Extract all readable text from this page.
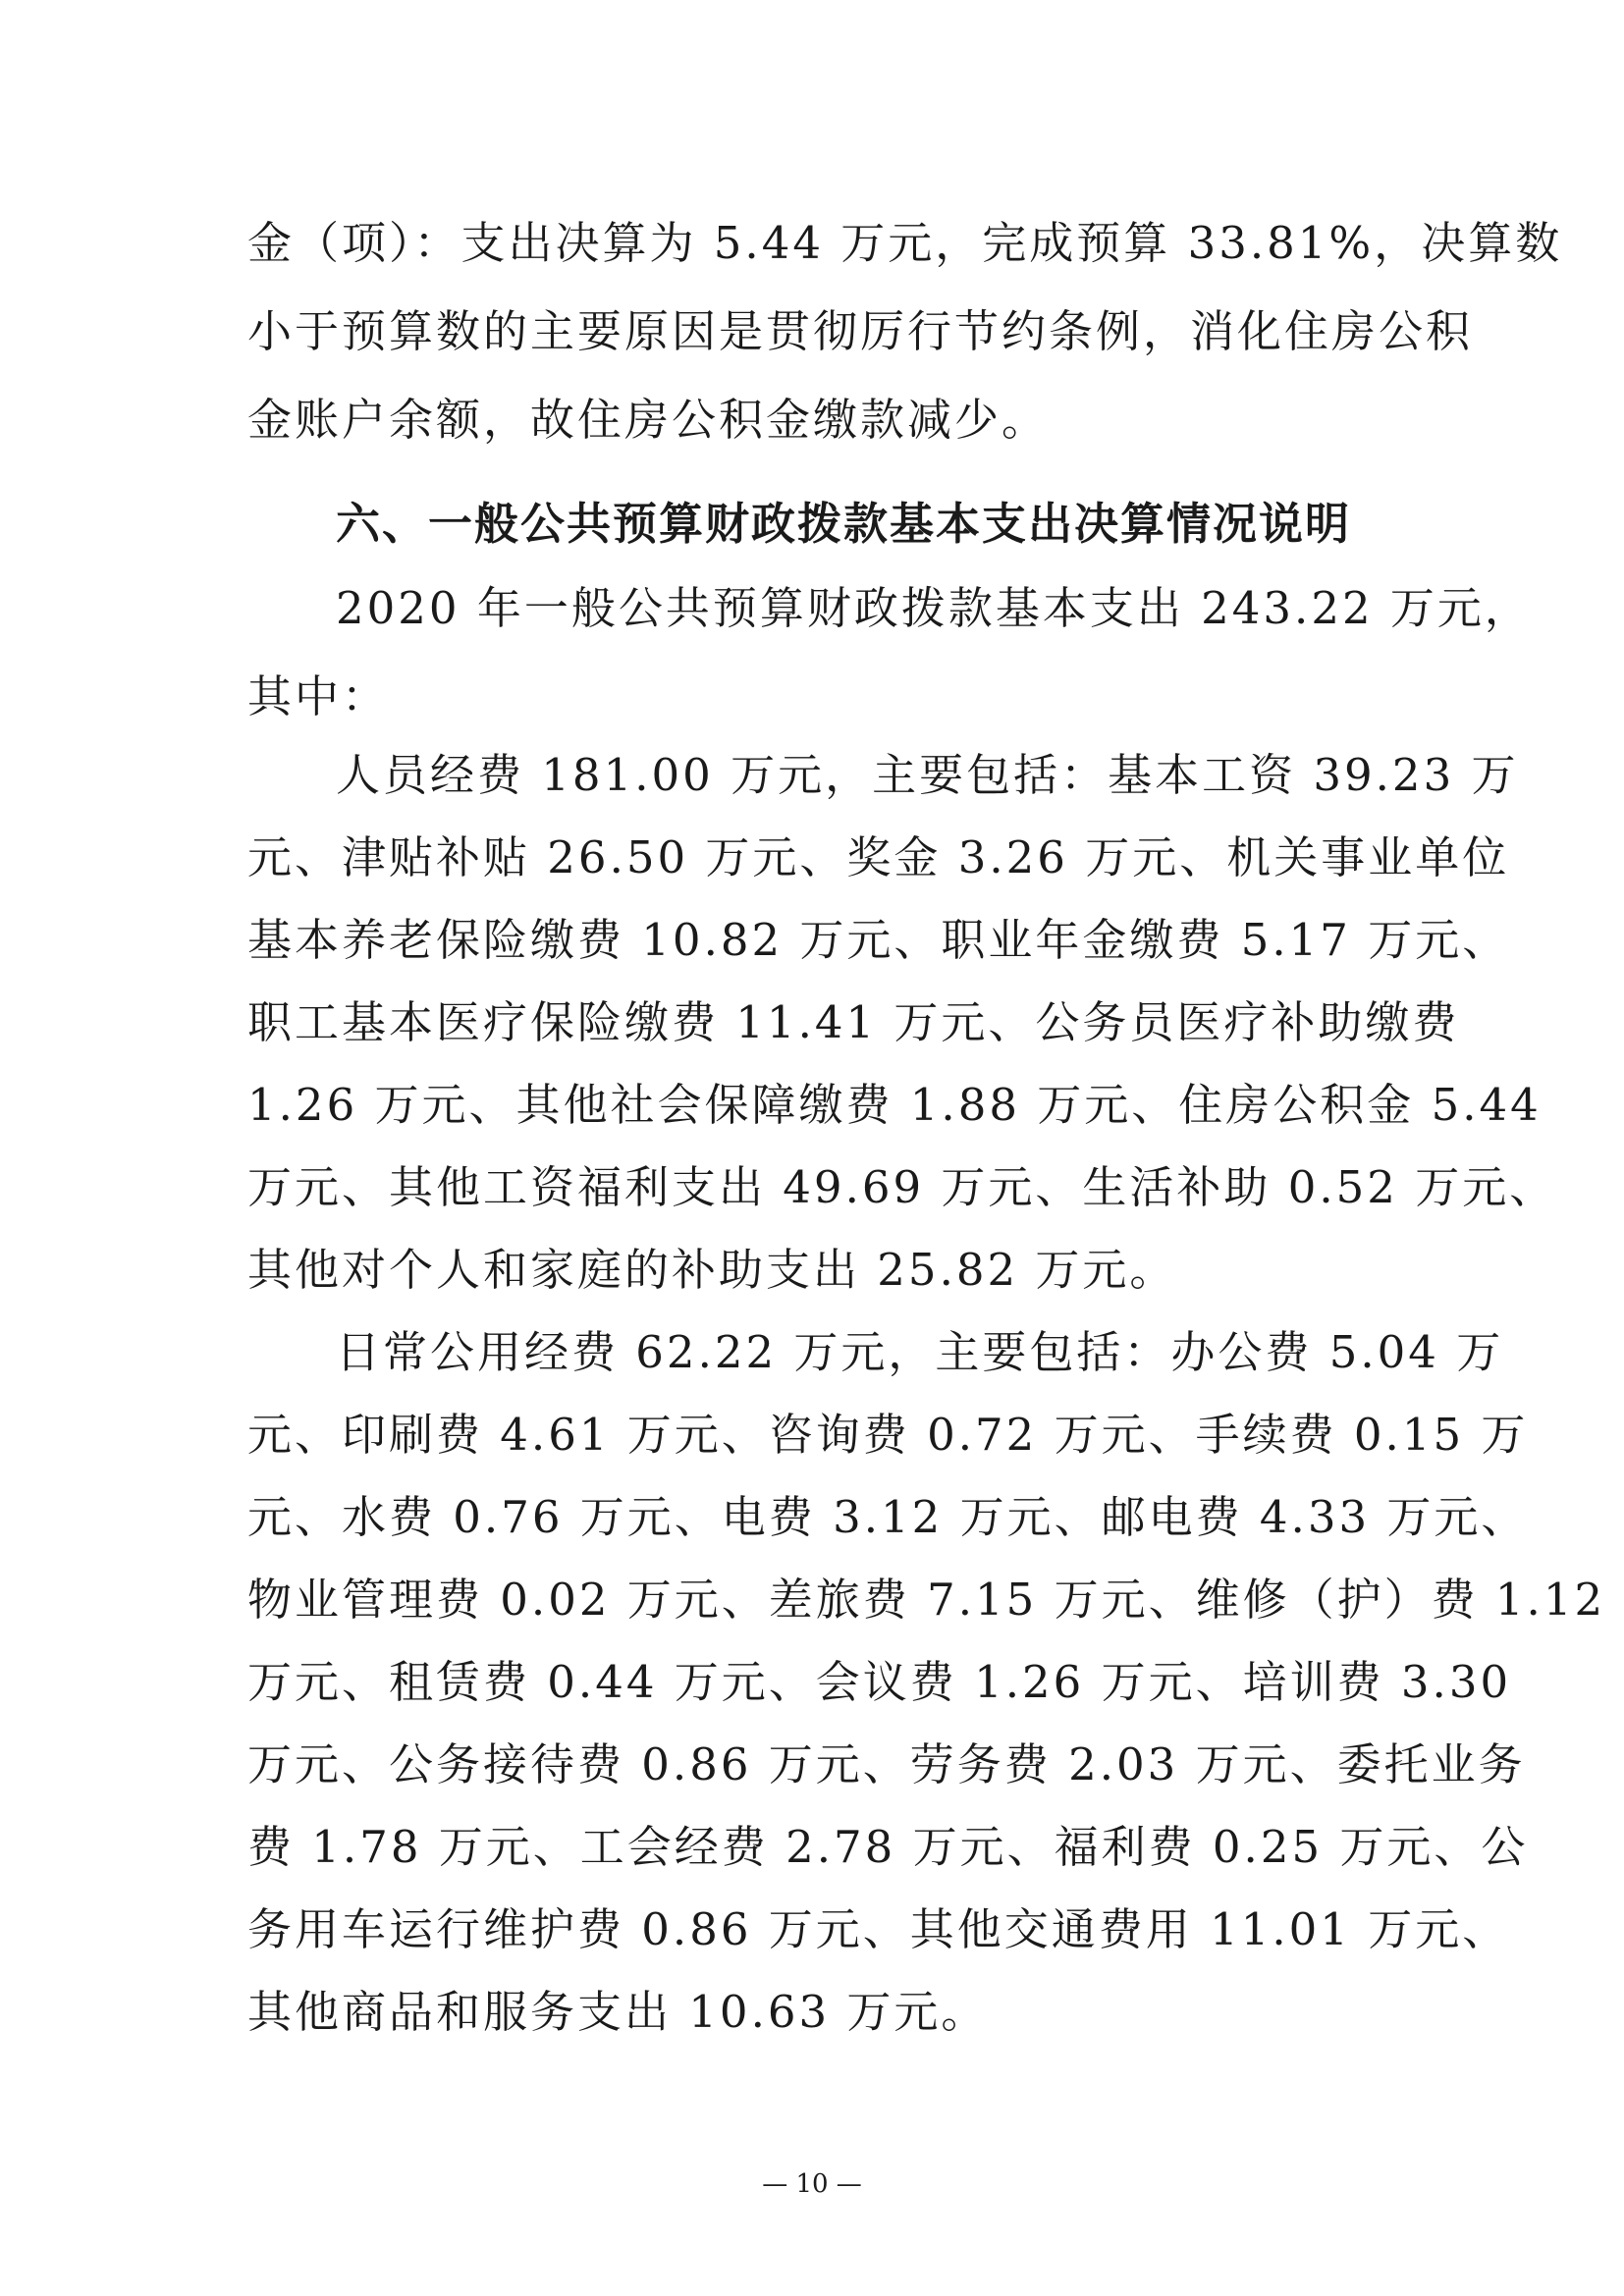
金（项）：支出决算为 5.44 万元，完成预算 33.81%，决算数
小于预算数的主要原因是贯彻厉行节约条例，消化住房公积
金账户余额，故住房公积金缴款减少。
六、一般公共预算财政拨款基本支出决算情况说明
2020 年一般公共预算财政拨款基本支出 243.22 万元，
其中：
人员经费 181.00 万元，主要包括：基本工资 39.23 万
元、津贴补贴 26.50 万元、奖金 3.26 万元、机关事业单位
基本养老保险缴费 10.82 万元、职业年金缴费 5.17 万元、
职工基本医疗保险缴费 11.41 万元、公务员医疗补助缴费
1.26 万元、其他社会保障缴费 1.88 万元、住房公积金 5.44
万元、其他工资福利支出 49.69 万元、生活补助 0.52 万元、
其他对个人和家庭的补助支出 25.82 万元。
日常公用经费 62.22 万元，主要包括：办公费 5.04 万
元、印刷费 4.61 万元、咨询费 0.72 万元、手续费 0.15 万
元、水费 0.76 万元、电费 3.12 万元、邮电费 4.33 万元、
物业管理费 0.02 万元、差旅费 7.15 万元、维修（护）费 1.12
万元、租赁费 0.44 万元、会议费 1.26 万元、培训费 3.30
万元、公务接待费 0.86 万元、劳务费 2.03 万元、委托业务
费 1.78 万元、工会经费 2.78 万元、福利费 0.25 万元、公
务用车运行维护费 0.86 万元、其他交通费用 11.01 万元、
其他商品和服务支出 10.63 万元。
— 10 —
